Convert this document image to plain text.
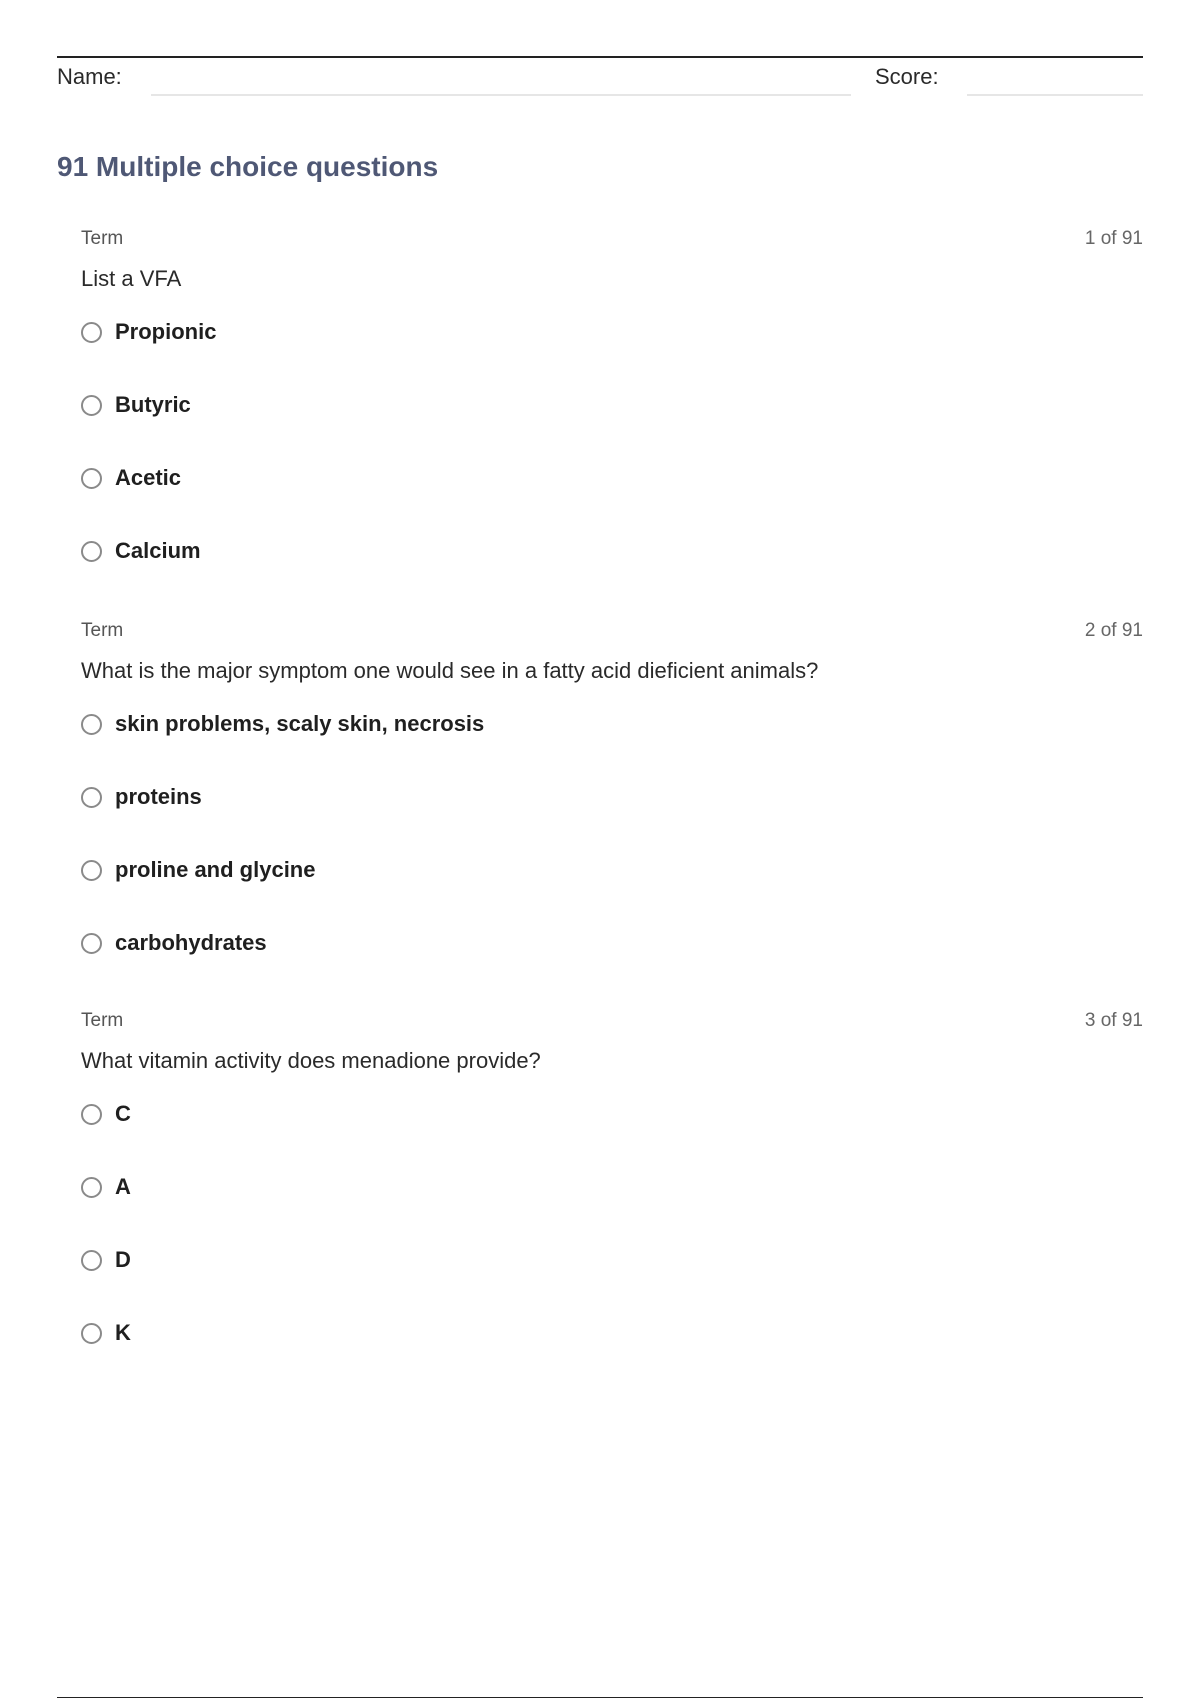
Name:	Score:
91 Multiple choice questions
Term	1 of 91
List a VFA
Propionic
Butyric
Acetic
Calcium
Term	2 of 91
What is the major symptom one would see in a fatty acid dieficient animals?
skin problems, scaly skin, necrosis
proteins
proline and glycine
carbohydrates
Term	3 of 91
What vitamin activity does menadione provide?
C
A
D
K
